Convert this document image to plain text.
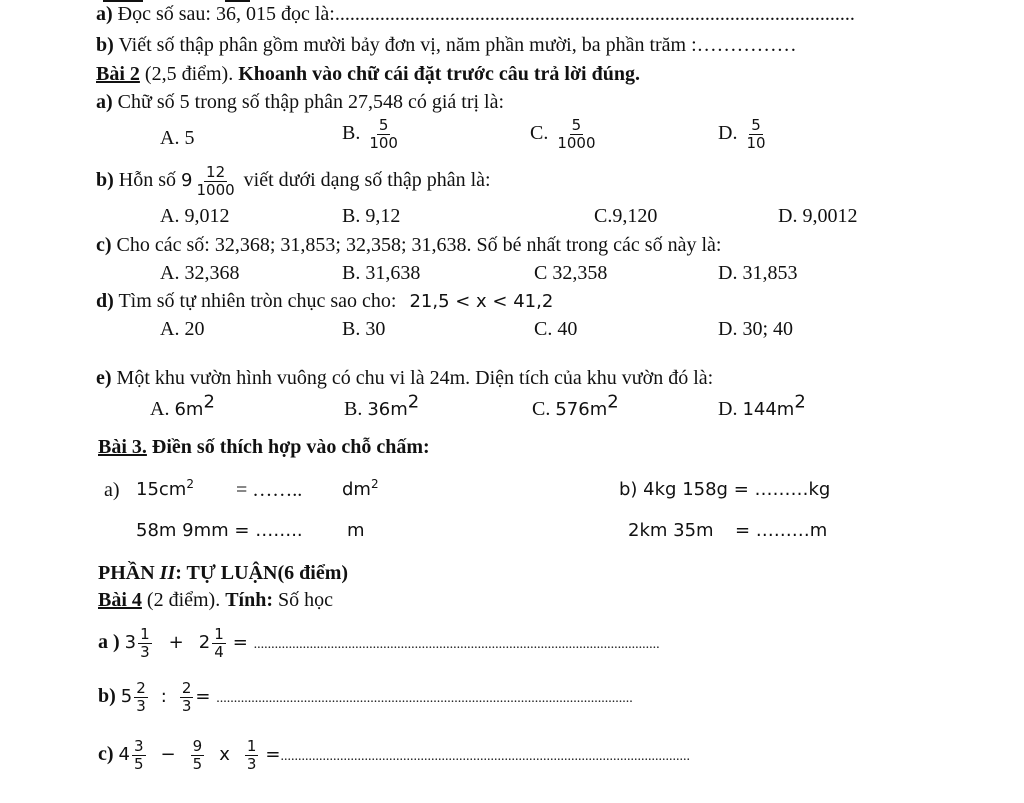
a) Đọc số sau: 36, 015 đọc là:........................................................................................................
b) Viết số thập phân gồm mười bảy đơn vị, năm phần mười, ba phần trăm :……………
Bài 2 (2,5 điểm). Khoanh vào chữ cái đặt trước câu trả lời đúng.
a) Chữ số 5 trong số thập phân 27,548 có giá trị là:
A. 5	B. $\frac{5}{100}$	C. $\frac{5}{1000}$	D. $\frac{5}{10}$
b) Hỗn số $9 \frac{12}{1000}$ viết dưới dạng số thập phân là:
A. 9,012	B. 9,12	C.9,120	D. 9,0012
c) Cho các số: 32,368; 31,853; 32,358; 31,638. Số bé nhất trong các số này là:
A. 32,368	B. 31,638	C 32,358	D. 31,853
d) Tìm số tự nhiên tròn chục sao cho: 21,5 < x < 41,2
A. 20	B. 30	C. 40	D. 30; 40
e) Một khu vườn hình vuông có chu vi là 24m. Diện tích của khu vườn đó là:
A. $6m^2$	B. $36m^2$	C. $576m^2$	D. $144m^2$
Bài 3. Điền số thích hợp vào chỗ chấm:
a) $15cm^2$ = …….. $dm^2$	b) 4kg 158g = ………kg
58m 9mm = …….. m	2km 35m = ………m
PHẦN II: TỰ LUẬN(6 điểm)
Bài 4 (2 điểm). Tính: Số học
a ) $3 \frac{1}{3} + 2 \frac{1}{4}$ = ....................................................................................................................
b) $5 \frac{2}{3}$ : $\frac{2}{3}$ = .......................................................................................................................
c) $4 \frac{3}{5} - \frac{9}{5}$ x $\frac{1}{3}$ =.....................................................................................................................
